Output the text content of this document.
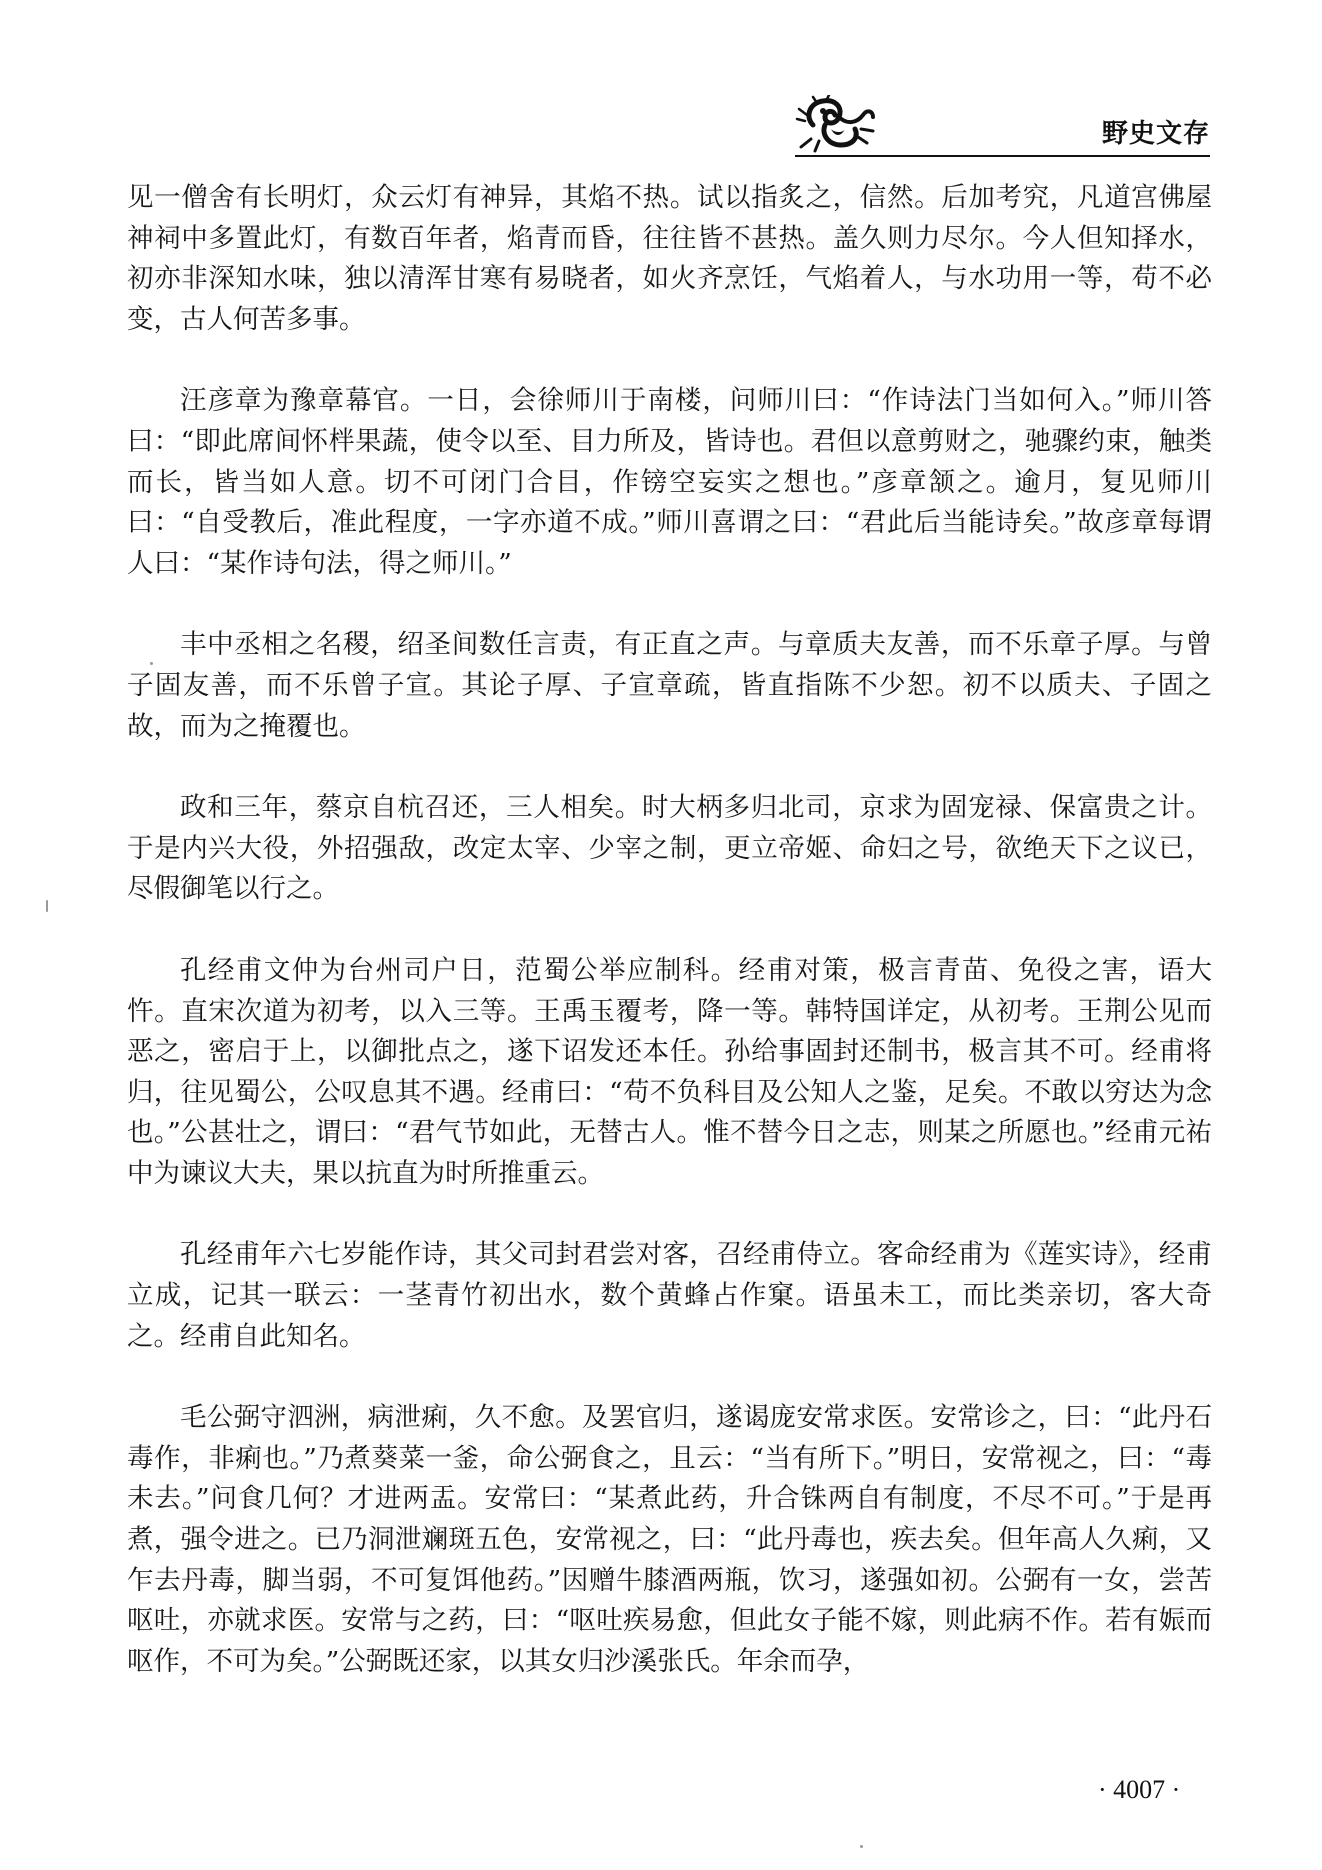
野史文存

见一僧舍有长明灯，众云灯有神异，其焰不热。试以指炙之，信然。后加考究，凡道宫佛屋神祠中多置此灯，有数百年者，焰青而昏，往往皆不甚热。盖久则力尽尔。今人但知择水，初亦非深知水味，独以清浑甘寒有易晓者，如火齐烹饪，气焰着人，与水功用一等，苟不必变，古人何苦多事。

汪彦章为豫章幕官。一日，会徐师川于南楼，问师川曰：“作诗法门当如何入。”师川答曰：“即此席间怀柈果蔬，使令以至、目力所及，皆诗也。君但以意剪财之，驰骤约束，触类而长，皆当如人意。切不可闭门合目，作镑空妄实之想也。”彦章颔之。逾月，复见师川曰：“自受教后，准此程度，一字亦道不成。”师川喜谓之曰：“君此后当能诗矣。”故彦章每谓人曰：“某作诗句法，得之师川。”

丰中丞相之名稷，绍圣间数任言责，有正直之声。与章质夫友善，而不乐章子厚。与曾子固友善，而不乐曾子宣。其论子厚、子宣章疏，皆直指陈不少恕。初不以质夫、子固之故，而为之掩覆也。

政和三年，蔡京自杭召还，三人相矣。时大柄多归北司，京求为固宠禄、保富贵之计。于是内兴大役，外招强敌，改定太宰、少宰之制，更立帝姬、命妇之号，欲绝天下之议已，尽假御笔以行之。

孔经甫文仲为台州司户日，范蜀公举应制科。经甫对策，极言青苗、免役之害，语大忤。直宋次道为初考，以入三等。王禹玉覆考，降一等。韩特国详定，从初考。王荆公见而恶之，密启于上，以御批点之，遂下诏发还本任。孙给事固封还制书，极言其不可。经甫将归，往见蜀公，公叹息其不遇。经甫曰：“苟不负科目及公知人之鉴，足矣。不敢以穷达为念也。”公甚壮之，谓曰：“君气节如此，无替古人。惟不替今日之志，则某之所愿也。”经甫元祐中为谏议大夫，果以抗直为时所推重云。

孔经甫年六七岁能作诗，其父司封君尝对客，召经甫侍立。客命经甫为《莲实诗》，经甫立成，记其一联云：一茎青竹初出水，数个黄蜂占作窠。语虽未工，而比类亲切，客大奇之。经甫自此知名。

毛公弼守泗洲，病泄痢，久不愈。及罢官归，遂谒庞安常求医。安常诊之，曰：“此丹石毒作，非痢也。”乃煮葵菜一釜，命公弼食之，且云：“当有所下。”明日，安常视之，曰：“毒未去。”问食几何？才进两盂。安常曰：“某煮此药，升合铢两自有制度，不尽不可。”于是再煮，强令进之。已乃洞泄斓斑五色，安常视之，曰：“此丹毒也，疾去矣。但年高人久痢，又乍去丹毒，脚当弱，不可复饵他药。”因赠牛膝酒两瓶，饮习，遂强如初。公弼有一女，尝苦呕吐，亦就求医。安常与之药，曰：“呕吐疾易愈，但此女子能不嫁，则此病不作。若有娠而呕作，不可为矣。”公弼既还家，以其女归沙溪张氏。年余而孕，

· 4007 ·
